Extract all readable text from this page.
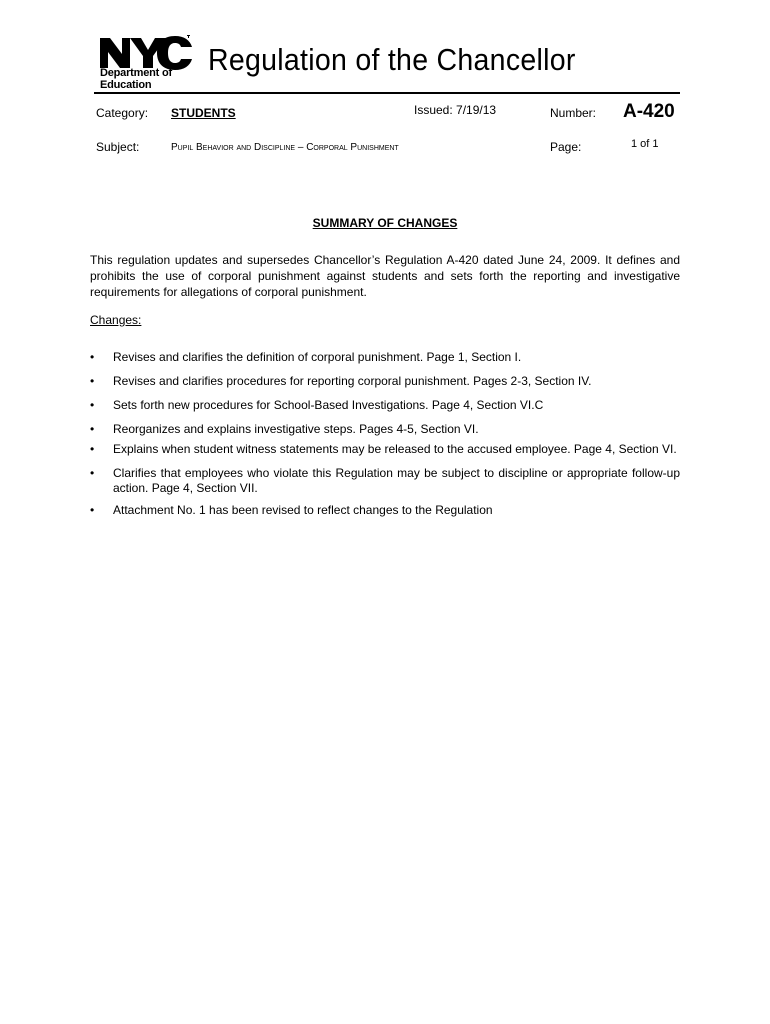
Department of
Education
Regulation of the Chancellor
Category: STUDENTS	Issued: 7/19/13	Number: A-420
Subject:	Pupil Behavior and Discipline – Corporal Punishment	Page:	1 of 1
SUMMARY OF CHANGES

This regulation updates and supersedes Chancellor’s Regulation A-420 dated June 24, 2009. It defines and prohibits the use of corporal punishment against students and sets forth the reporting and investigative requirements for allegations of corporal punishment.

Changes:
•	Revises and clarifies the definition of corporal punishment. Page 1, Section I.
•	Revises and clarifies procedures for reporting corporal punishment. Pages 2-3, Section IV.
•	Sets forth new procedures for School-Based Investigations. Page 4, Section VI.C
•	Reorganizes and explains investigative steps. Pages 4-5, Section VI.
•	Explains when student witness statements may be released to the accused employee. Page 4, Section VI.
•	Clarifies that employees who violate this Regulation may be subject to discipline or appropriate follow-up action. Page 4, Section VII.
•	Attachment No. 1 has been revised to reflect changes to the Regulation
